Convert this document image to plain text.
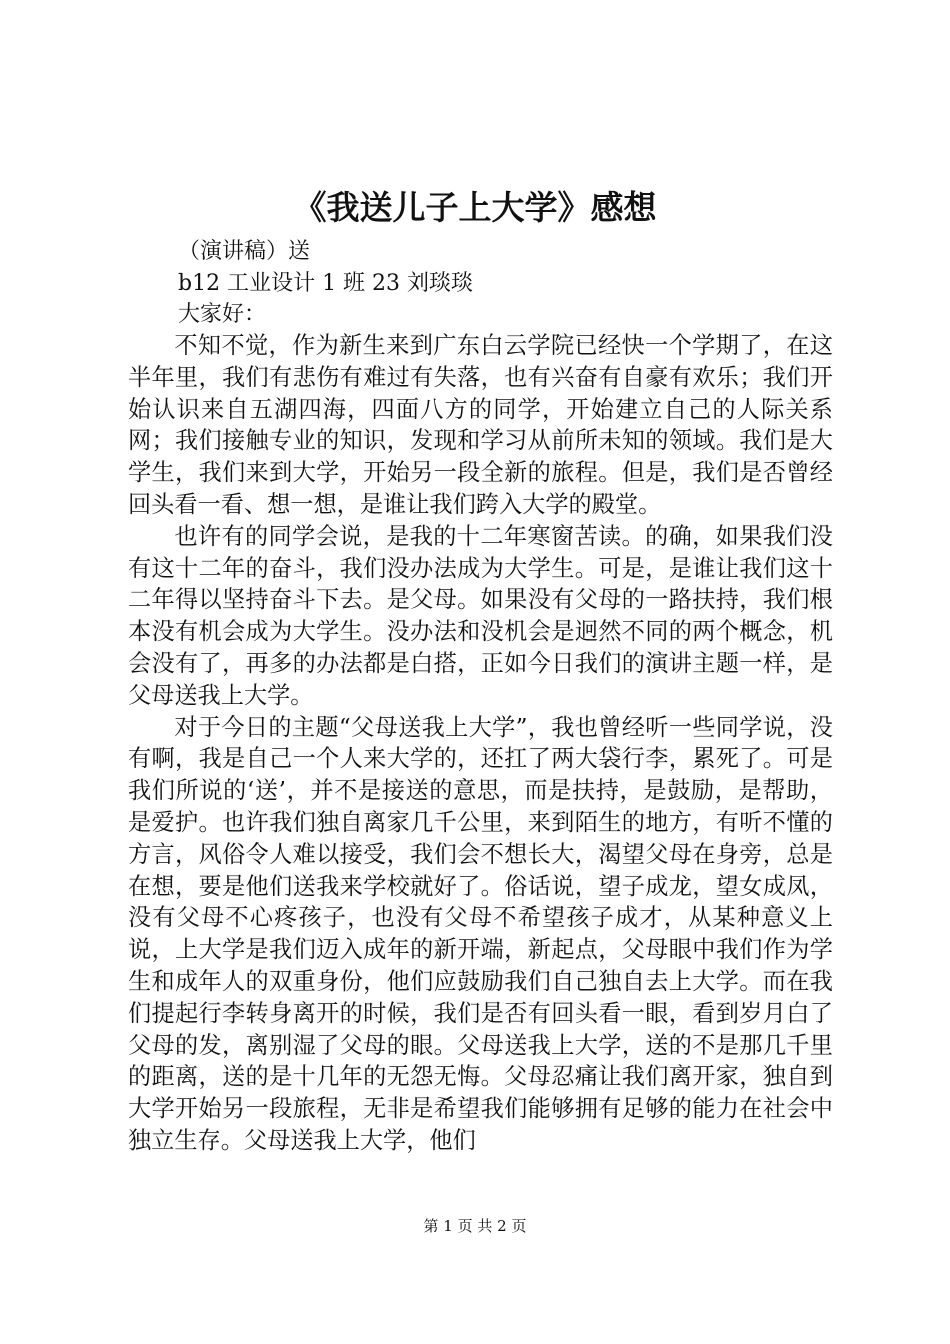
《我送儿子上大学》感想
（演讲稿）送
b12 工业设计 1 班 23 刘琰琰
大家好：

不知不觉，作为新生来到广东白云学院已经快一个学期了，在这半年里，我们有悲伤有难过有失落，也有兴奋有自豪有欢乐；我们开始认识来自五湖四海，四面八方的同学，开始建立自己的人际关系网；我们接触专业的知识，发现和学习从前所未知的领域。我们是大学生，我们来到大学，开始另一段全新的旅程。但是，我们是否曾经回头看一看、想一想，是谁让我们跨入大学的殿堂。

也许有的同学会说，是我的十二年寒窗苦读。的确，如果我们没有这十二年的奋斗，我们没办法成为大学生。可是，是谁让我们这十二年得以坚持奋斗下去。是父母。如果没有父母的一路扶持，我们根本没有机会成为大学生。没办法和没机会是迥然不同的两个概念，机会没有了，再多的办法都是白搭，正如今日我们的演讲主题一样，是父母送我上大学。

对于今日的主题“父母送我上大学”，我也曾经听一些同学说，没有啊，我是自己一个人来大学的，还扛了两大袋行李，累死了。可是我们所说的‘送’，并不是接送的意思，而是扶持，是鼓励，是帮助，是爱护。也许我们独自离家几千公里，来到陌生的地方，有听不懂的方言，风俗令人难以接受，我们会不想长大，渴望父母在身旁，总是在想，要是他们送我来学校就好了。俗话说，望子成龙，望女成凤，没有父母不心疼孩子，也没有父母不希望孩子成才，从某种意义上说，上大学是我们迈入成年的新开端，新起点，父母眼中我们作为学生和成年人的双重身份，他们应鼓励我们自己独自去上大学。而在我们提起行李转身离开的时候，我们是否有回头看一眼，看到岁月白了父母的发，离别湿了父母的眼。父母送我上大学，送的不是那几千里的距离，送的是十几年的无怨无悔。父母忍痛让我们离开家，独自到大学开始另一段旅程，无非是希望我们能够拥有足够的能力在社会中独立生存。父母送我上大学，他们

第 1 页 共 2 页
